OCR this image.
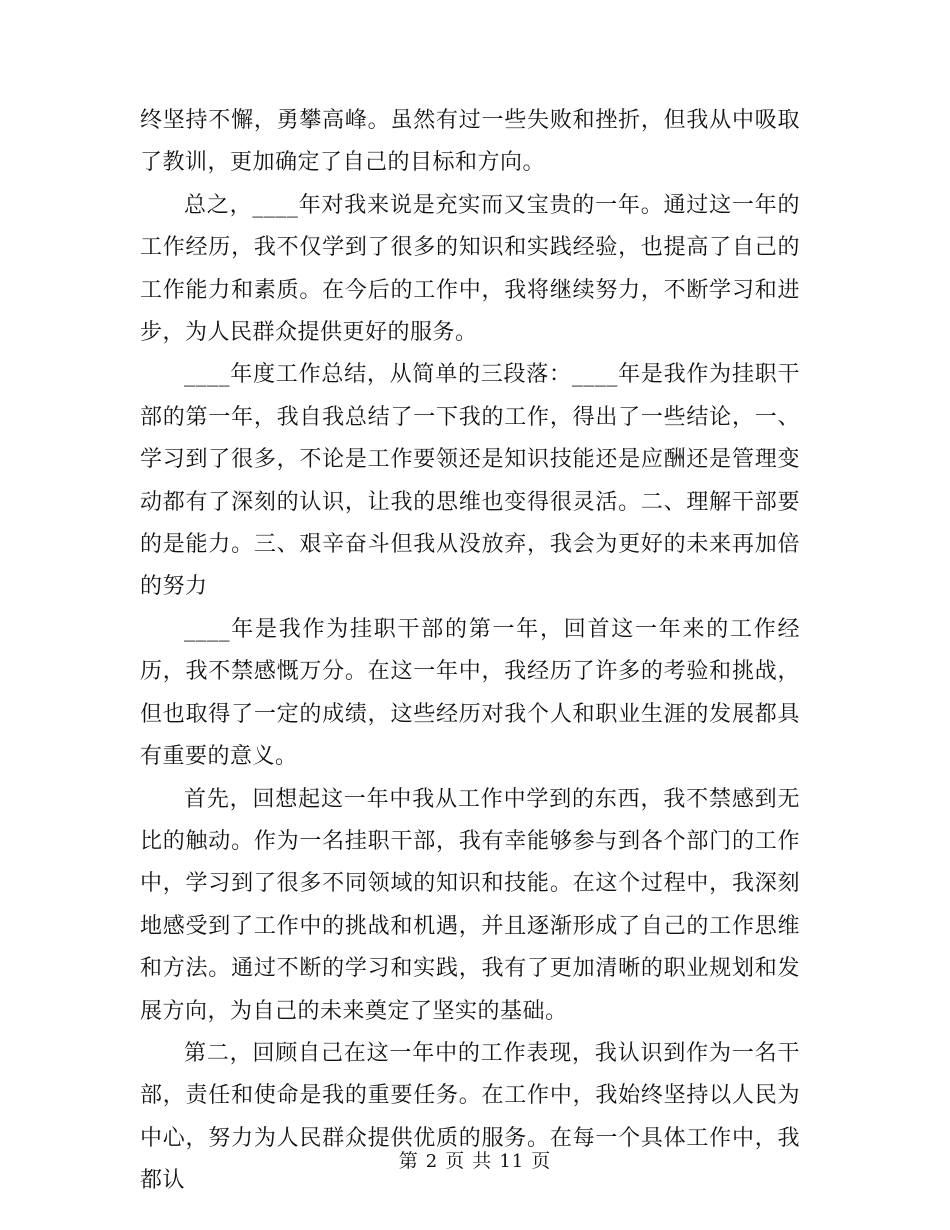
终坚持不懈，勇攀高峰。虽然有过一些失败和挫折，但我从中吸取了教训，更加确定了自己的目标和方向。

总之，____年对我来说是充实而又宝贵的一年。通过这一年的工作经历，我不仅学到了很多的知识和实践经验，也提高了自己的工作能力和素质。在今后的工作中，我将继续努力，不断学习和进步，为人民群众提供更好的服务。

____年度工作总结，从简单的三段落：____年是我作为挂职干部的第一年，我自我总结了一下我的工作，得出了一些结论，一、学习到了很多，不论是工作要领还是知识技能还是应酬还是管理变动都有了深刻的认识，让我的思维也变得很灵活。二、理解干部要的是能力。三、艰辛奋斗但我从没放弃，我会为更好的未来再加倍的努力

____年是我作为挂职干部的第一年，回首这一年来的工作经历，我不禁感慨万分。在这一年中，我经历了许多的考验和挑战，但也取得了一定的成绩，这些经历对我个人和职业生涯的发展都具有重要的意义。

首先，回想起这一年中我从工作中学到的东西，我不禁感到无比的触动。作为一名挂职干部，我有幸能够参与到各个部门的工作中，学习到了很多不同领域的知识和技能。在这个过程中，我深刻地感受到了工作中的挑战和机遇，并且逐渐形成了自己的工作思维和方法。通过不断的学习和实践，我有了更加清晰的职业规划和发展方向，为自己的未来奠定了坚实的基础。

第二，回顾自己在这一年中的工作表现，我认识到作为一名干部，责任和使命是我的重要任务。在工作中，我始终坚持以人民为中心，努力为人民群众提供优质的服务。在每一个具体工作中，我都认

第 2 页 共 11 页
